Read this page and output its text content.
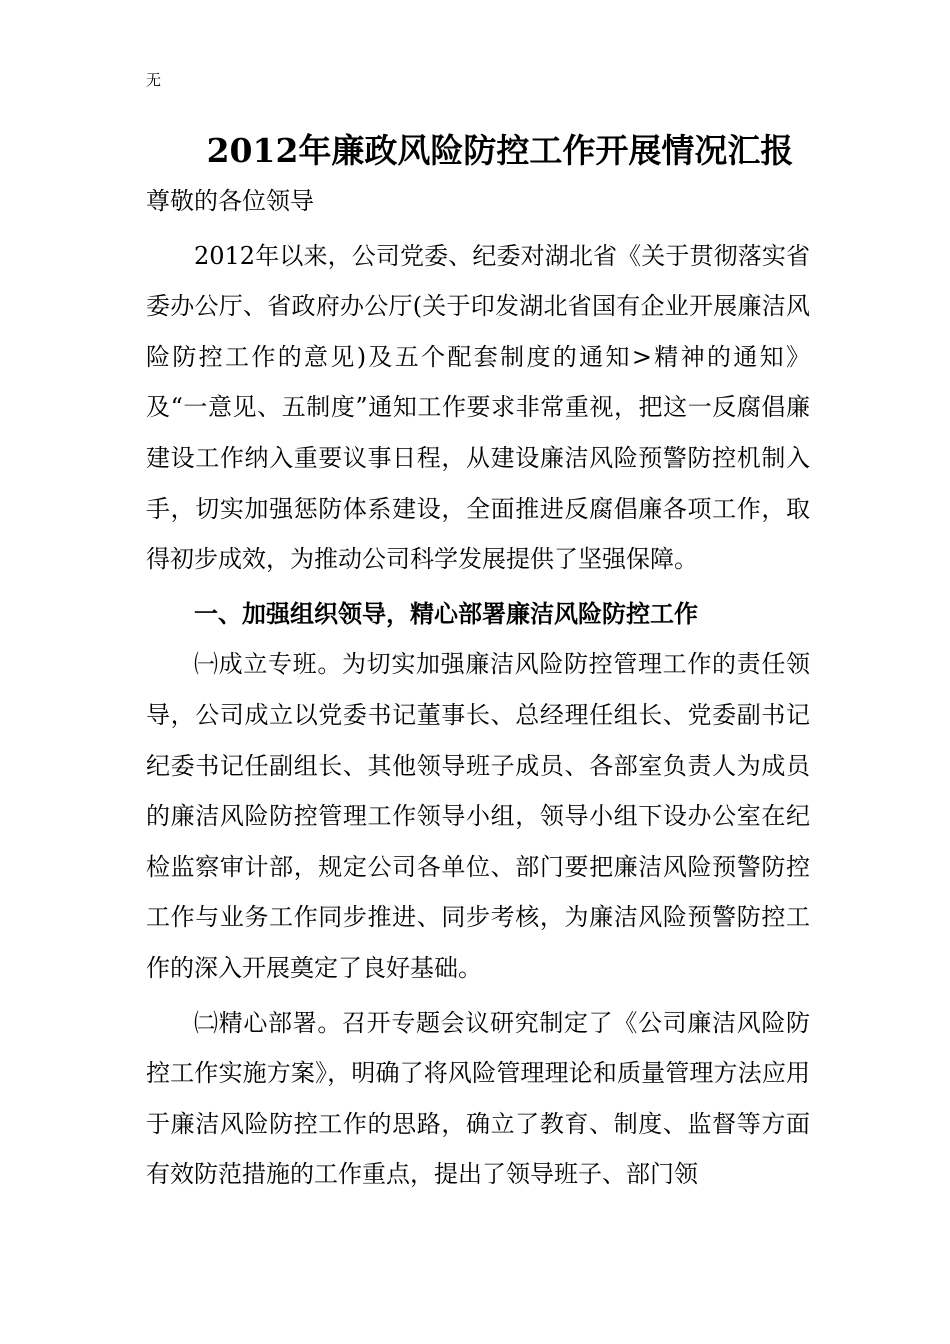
无
2012年廉政风险防控工作开展情况汇报

尊敬的各位领导

2012年以来，公司党委、纪委对湖北省《关于贯彻落实省委办公厅、省政府办公厅(关于印发湖北省国有企业开展廉洁风险防控工作的意见)及五个配套制度的通知>精神的通知》及“一意见、五制度”通知工作要求非常重视，把这一反腐倡廉建设工作纳入重要议事日程，从建设廉洁风险预警防控机制入手，切实加强惩防体系建设，全面推进反腐倡廉各项工作，取得初步成效，为推动公司科学发展提供了坚强保障。

一、加强组织领导，精心部署廉洁风险防控工作

㈠成立专班。为切实加强廉洁风险防控管理工作的责任领导，公司成立以党委书记董事长、总经理任组长、党委副书记纪委书记任副组长、其他领导班子成员、各部室负责人为成员的廉洁风险防控管理工作领导小组，领导小组下设办公室在纪检监察审计部，规定公司各单位、部门要把廉洁风险预警防控工作与业务工作同步推进、同步考核，为廉洁风险预警防控工作的深入开展奠定了良好基础。

㈡精心部署。召开专题会议研究制定了《公司廉洁风险防控工作实施方案》，明确了将风险管理理论和质量管理方法应用于廉洁风险防控工作的思路，确立了教育、制度、监督等方面有效防范措施的工作重点，提出了领导班子、部门领
